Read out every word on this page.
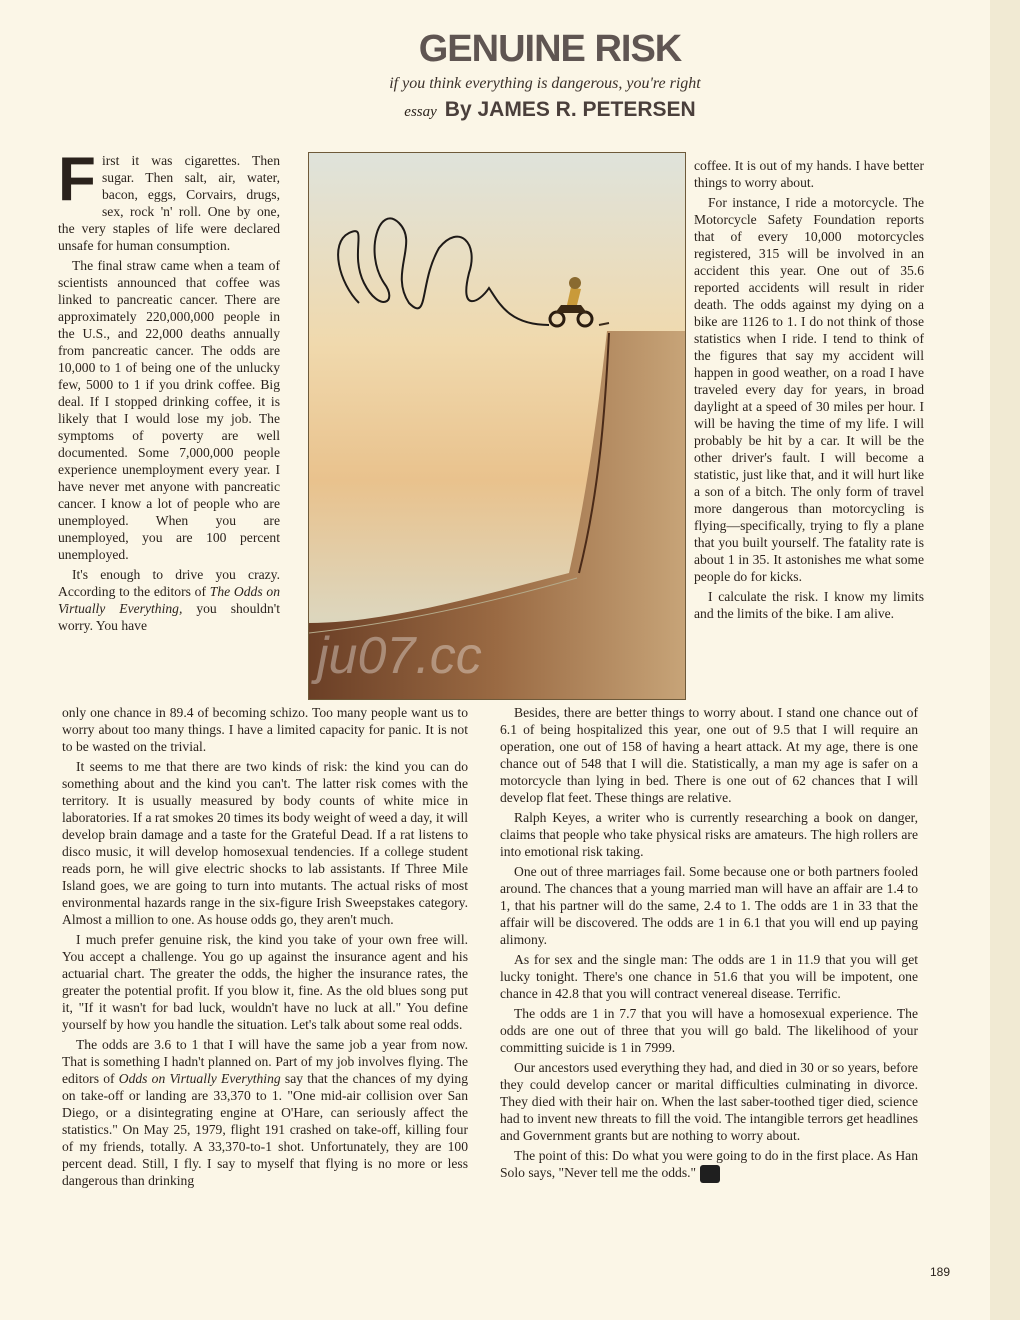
GENUINE RISK
if you think everything is dangerous, you're right
essay By JAMES R. PETERSEN

First it was cigarettes. Then sugar. Then salt, air, water, bacon, eggs, Corvairs, drugs, sex, rock 'n' roll. One by one, the very staples of life were declared unsafe for human consumption.

The final straw came when a team of scientists announced that coffee was linked to pancreatic cancer. There are approximately 220,000,000 people in the U.S., and 22,000 deaths annually from pancreatic cancer. The odds are 10,000 to 1 of being one of the unlucky few, 5000 to 1 if you drink coffee. Big deal. If I stopped drinking coffee, it is likely that I would lose my job. The symptoms of poverty are well documented. Some 7,000,000 people experience unemployment every year. I have never met anyone with pancreatic cancer. I know a lot of people who are unemployed. When you are unemployed, you are 100 percent unemployed.

It's enough to drive you crazy. According to the editors of The Odds on Virtually Everything, you shouldn't worry. You have

ju07.cc

coffee. It is out of my hands. I have better things to worry about.

For instance, I ride a motorcycle. The Motorcycle Safety Foundation reports that of every 10,000 motorcycles registered, 315 will be involved in an accident this year. One out of 35.6 reported accidents will result in rider death. The odds against my dying on a bike are 1126 to 1. I do not think of those statistics when I ride. I tend to think of the figures that say my accident will happen in good weather, on a road I have traveled every day for years, in broad daylight at a speed of 30 miles per hour. I will be having the time of my life. I will probably be hit by a car. It will be the other driver's fault. I will become a statistic, just like that, and it will hurt like a son of a bitch. The only form of travel more dangerous than motorcycling is flying—specifically, trying to fly a plane that you built yourself. The fatality rate is about 1 in 35. It astonishes me what some people do for kicks.

I calculate the risk. I know my limits and the limits of the bike. I am alive.

only one chance in 89.4 of becoming schizo. Too many people want us to worry about too many things. I have a limited capacity for panic. It is not to be wasted on the trivial.

It seems to me that there are two kinds of risk: the kind you can do something about and the kind you can't. The latter risk comes with the territory. It is usually measured by body counts of white mice in laboratories. If a rat smokes 20 times its body weight of weed a day, it will develop brain damage and a taste for the Grateful Dead. If a rat listens to disco music, it will develop homosexual tendencies. If a college student reads porn, he will give electric shocks to lab assistants. If Three Mile Island goes, we are going to turn into mutants. The actual risks of most environmental hazards range in the six-figure Irish Sweepstakes category. Almost a million to one. As house odds go, they aren't much.

I much prefer genuine risk, the kind you take of your own free will. You accept a challenge. You go up against the insurance agent and his actuarial chart. The greater the odds, the higher the insurance rates, the greater the potential profit. If you blow it, fine. As the old blues song put it, "If it wasn't for bad luck, wouldn't have no luck at all." You define yourself by how you handle the situation. Let's talk about some real odds.

The odds are 3.6 to 1 that I will have the same job a year from now. That is something I hadn't planned on. Part of my job involves flying. The editors of Odds on Virtually Everything say that the chances of my dying on take-off or landing are 33,370 to 1. "One mid-air collision over San Diego, or a disintegrating engine at O'Hare, can seriously affect the statistics." On May 25, 1979, flight 191 crashed on take-off, killing four of my friends, totally. A 33,370-to-1 shot. Unfortunately, they are 100 percent dead. Still, I fly. I say to myself that flying is no more or less dangerous than drinking

Besides, there are better things to worry about. I stand one chance out of 6.1 of being hospitalized this year, one out of 9.5 that I will require an operation, one out of 158 of having a heart attack. At my age, there is one chance out of 548 that I will die. Statistically, a man my age is safer on a motorcycle than lying in bed. There is one out of 62 chances that I will develop flat feet. These things are relative.

Ralph Keyes, a writer who is currently researching a book on danger, claims that people who take physical risks are amateurs. The high rollers are into emotional risk taking.

One out of three marriages fail. Some because one or both partners fooled around. The chances that a young married man will have an affair are 1.4 to 1, that his partner will do the same, 2.4 to 1. The odds are 1 in 33 that the affair will be discovered. The odds are 1 in 6.1 that you will end up paying alimony.

As for sex and the single man: The odds are 1 in 11.9 that you will get lucky tonight. There's one chance in 51.6 that you will be impotent, one chance in 42.8 that you will contract venereal disease. Terrific.

The odds are 1 in 7.7 that you will have a homosexual experience. The odds are one out of three that you will go bald. The likelihood of your committing suicide is 1 in 7999.

Our ancestors used everything they had, and died in 30 or so years, before they could develop cancer or marital difficulties culminating in divorce. They died with their hair on. When the last saber-toothed tiger died, science had to invent new threats to fill the void. The intangible terrors get headlines and Government grants but are nothing to worry about.

The point of this: Do what you were going to do in the first place. As Han Solo says, "Never tell me the odds."

189
